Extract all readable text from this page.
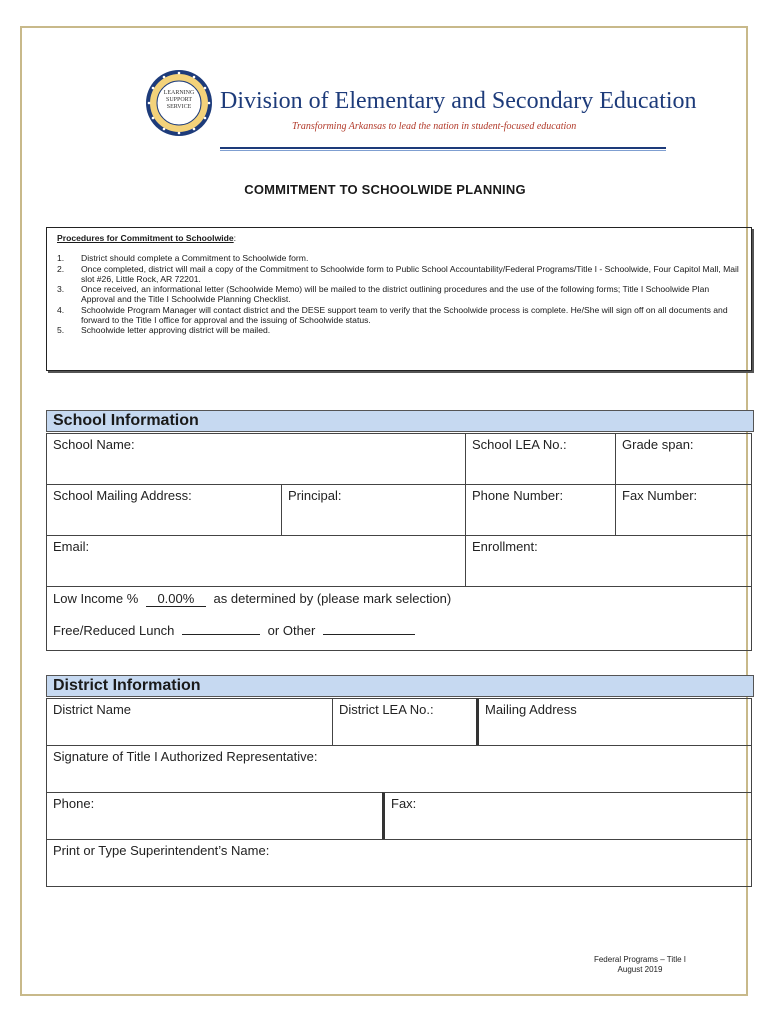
LEARNING SUPPORT SERVICE	Division of Elementary and Secondary Education
Transforming Arkansas to lead the nation in student-focused education
COMMITMENT TO SCHOOLWIDE PLANNING
Procedures for Commitment to Schoolwide:
1. District should complete a Commitment to Schoolwide form.
2. Once completed, district will mail a copy of the Commitment to Schoolwide form to Public School Accountability/Federal Programs/Title I - Schoolwide, Four Capitol Mall, Mail slot #26, Little Rock, AR 72201.
3. Once received, an informational letter (Schoolwide Memo) will be mailed to the district outlining procedures and the use of the following forms; Title I Schoolwide Plan Approval and the Title I Schoolwide Planning Checklist.
4. Schoolwide Program Manager will contact district and the DESE support team to verify that the Schoolwide process is complete. He/She will sign off on all documents and forward to the Title I office for approval and the issuing of Schoolwide status.
5. Schoolwide letter approving district will be mailed.
School Information
School Name:	School LEA No.:	Grade span:
School Mailing Address:	Principal:	Phone Number:	Fax Number:
Email:	Enrollment:
Low Income % 0.00% as determined by (please mark selection)
Free/Reduced Lunch	or Other
District Information
District Name	District LEA No.:	Mailing Address
Signature of Title I Authorized Representative:
Phone:	Fax:
Print or Type Superintendent’s Name:
Federal Programs – Title I
August 2019
